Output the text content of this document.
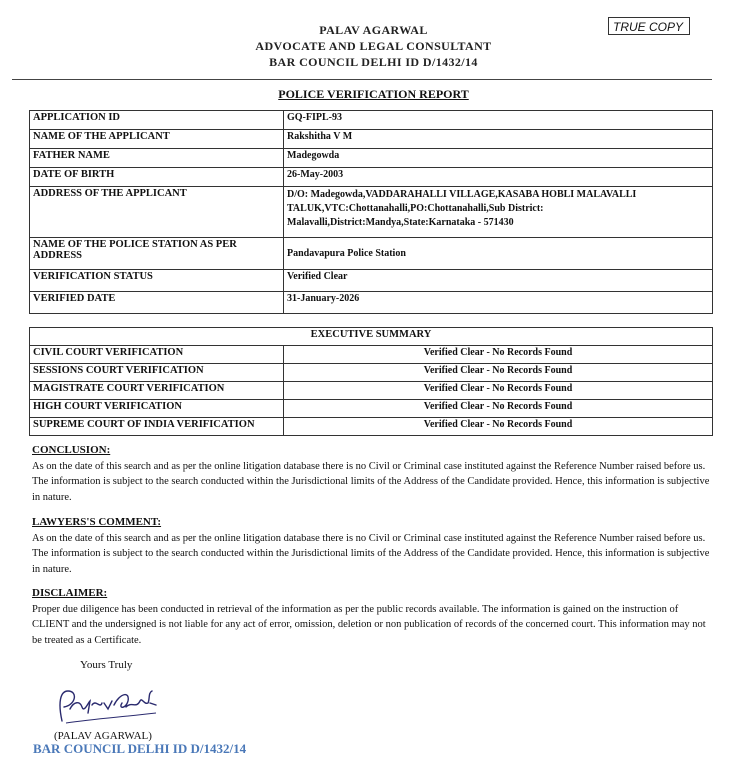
PALAV AGARWAL
ADVOCATE AND LEGAL CONSULTANT
BAR COUNCIL DELHI ID D/1432/14
TRUE COPY
POLICE VERIFICATION REPORT
APPLICATION ID	GQ-FIPL-93
NAME OF THE APPLICANT	Rakshitha V M
FATHER NAME	Madegowda
DATE OF BIRTH	26-May-2003
ADDRESS OF THE APPLICANT	D/O: Madegowda,VADDARAHALLI VILLAGE,KASABA HOBLI MALAVALLI TALUK,VTC:Chottanahalli,PO:Chottanahalli,Sub District: Malavalli,District:Mandya,State:Karnataka - 571430
NAME OF THE POLICE STATION AS PER ADDRESS	Pandavapura Police Station
VERIFICATION STATUS	Verified Clear
VERIFIED DATE	31-January-2026
EXECUTIVE SUMMARY	
CIVIL COURT VERIFICATION	Verified Clear - No Records Found
SESSIONS COURT VERIFICATION	Verified Clear - No Records Found
MAGISTRATE COURT VERIFICATION	Verified Clear - No Records Found
HIGH COURT VERIFICATION	Verified Clear - No Records Found
SUPREME COURT OF INDIA VERIFICATION	Verified Clear - No Records Found
CONCLUSION:
As on the date of this search and as per the online litigation database there is no Civil or Criminal case instituted against the Reference Number raised before us. The information is subject to the search conducted within the Jurisdictional limits of the Address of the Candidate provided. Hence, this information is subjective in nature.
LAWYERS'S COMMENT:
As on the date of this search and as per the online litigation database there is no Civil or Criminal case instituted against the Reference Number raised before us. The information is subject to the search conducted within the Jurisdictional limits of the Address of the Candidate provided. Hence, this information is subjective in nature.
DISCLAIMER:
Proper due diligence has been conducted in retrieval of the information as per the public records available. The information is gained on the instruction of CLIENT and the undersigned is not liable for any act of error, omission, deletion or non publication of records of the concerned court. This information may not be treated as a Certificate.
Yours Truly
(PALAV AGARWAL)
BAR COUNCIL DELHI ID D/1432/14
